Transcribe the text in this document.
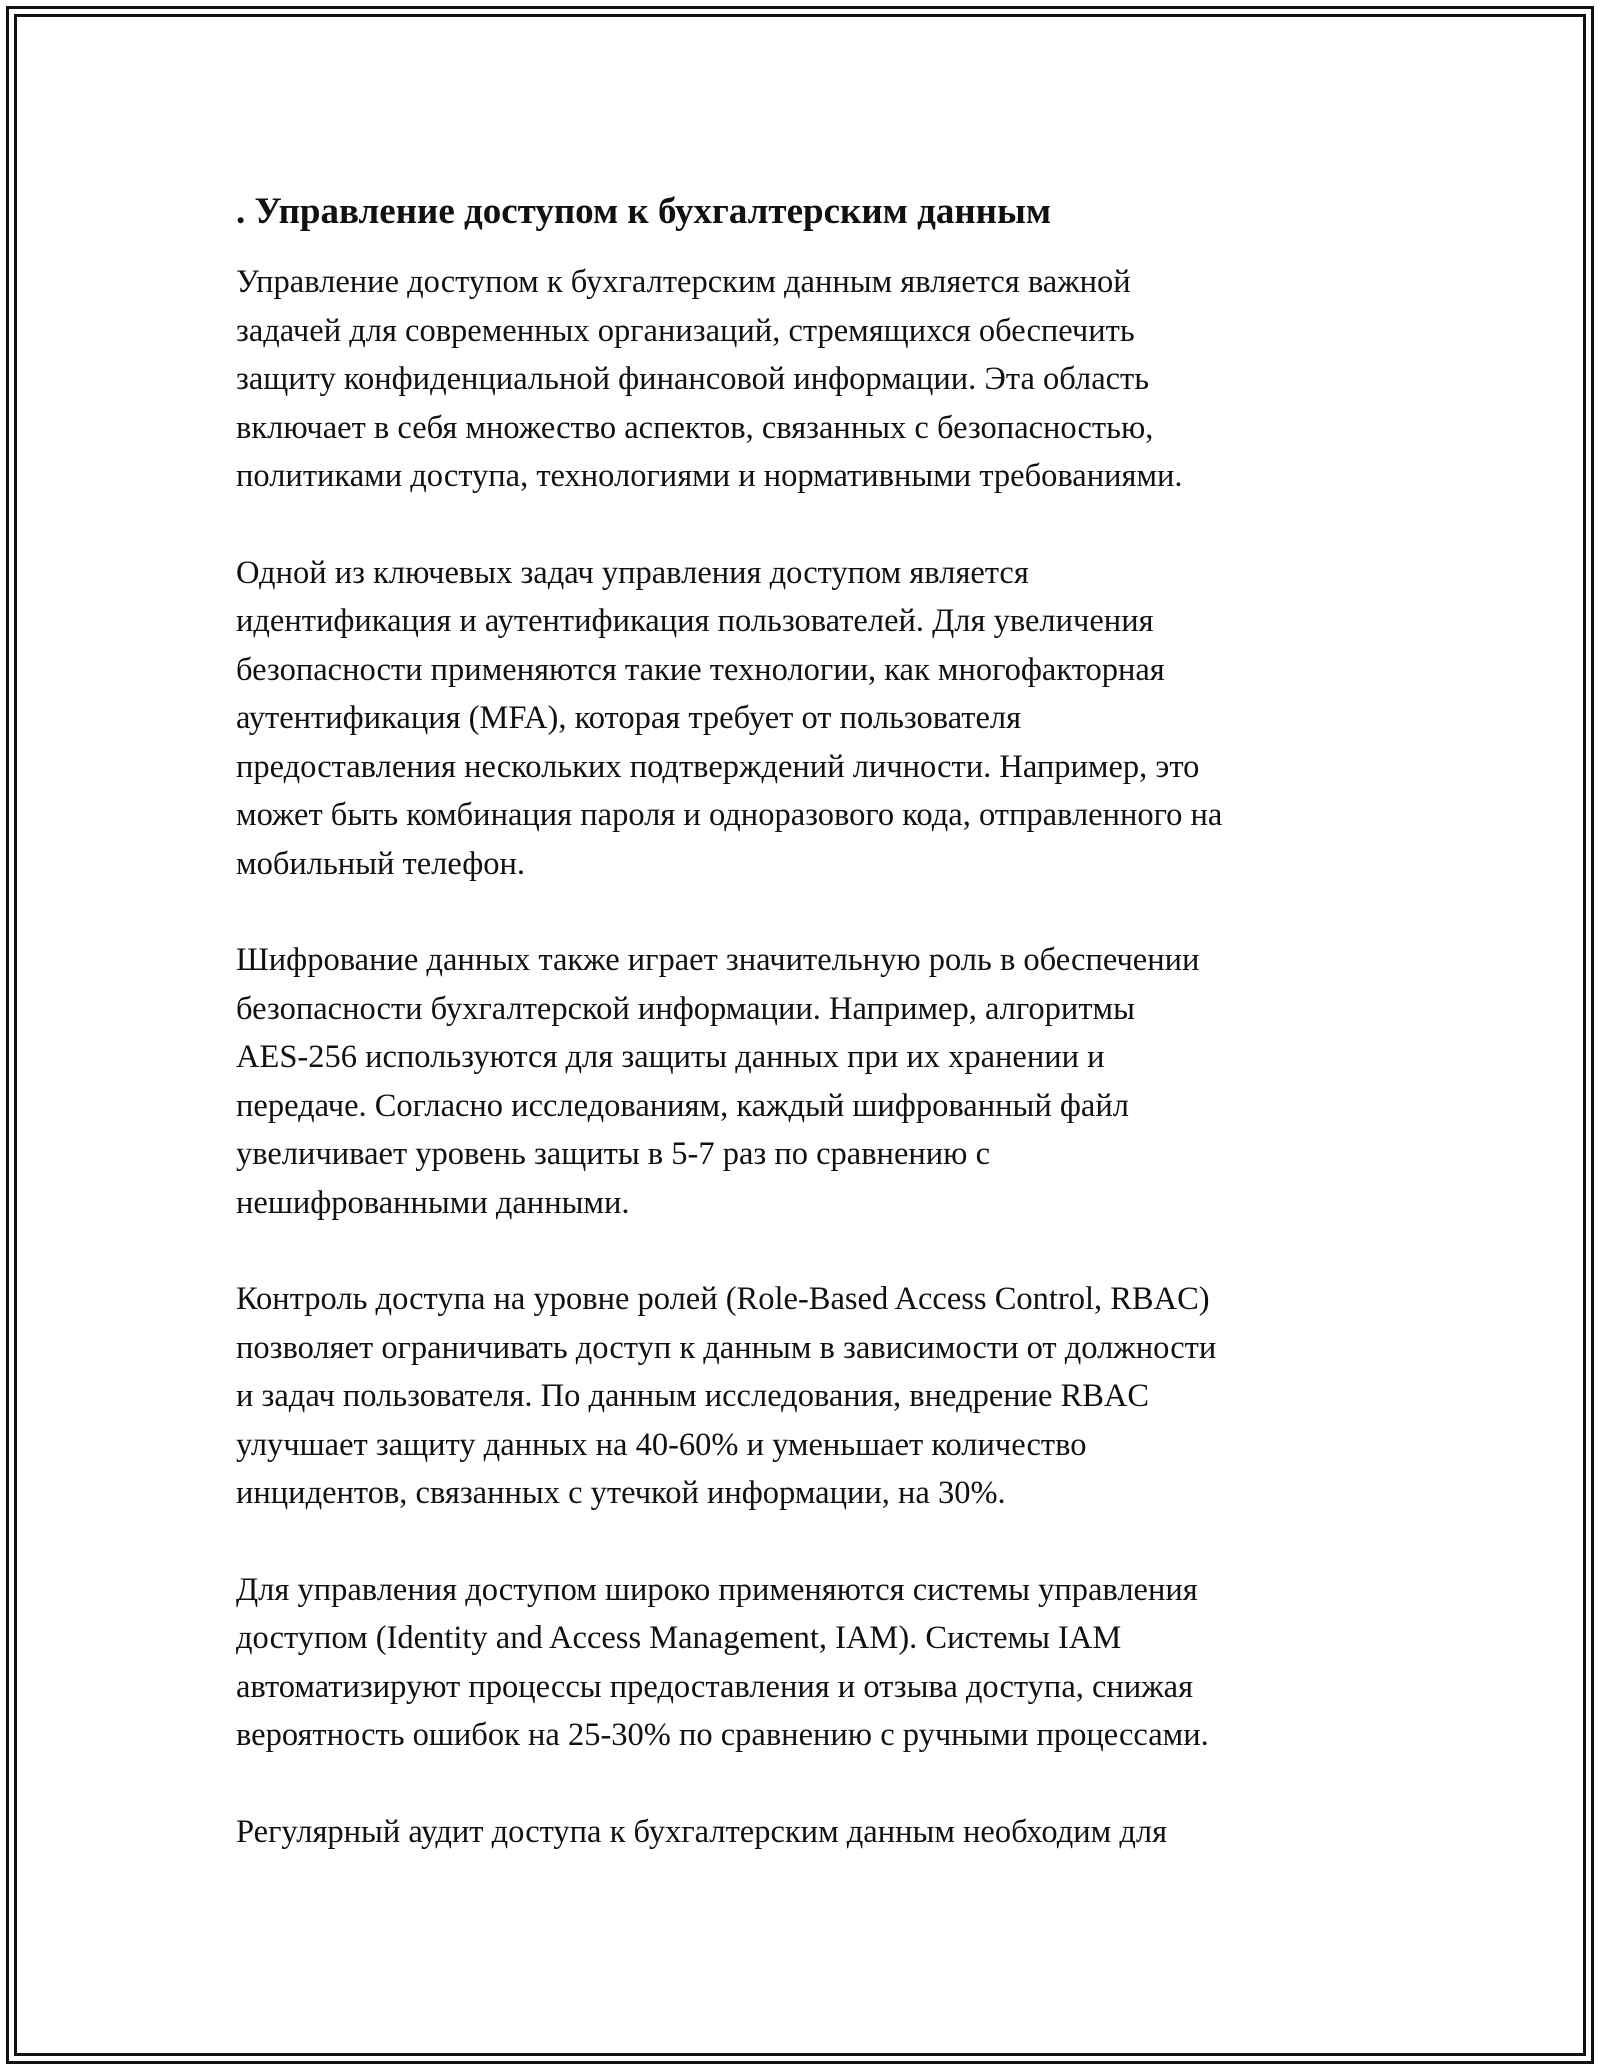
. Управление доступом к бухгалтерским данным

Управление доступом к бухгалтерским данным является важной
задачей для современных организаций, стремящихся обеспечить
защиту конфиденциальной финансовой информации. Эта область
включает в себя множество аспектов, связанных с безопасностью,
политиками доступа, технологиями и нормативными требованиями.

Одной из ключевых задач управления доступом является
идентификация и аутентификация пользователей. Для увеличения
безопасности применяются такие технологии, как многофакторная
аутентификация (MFA), которая требует от пользователя
предоставления нескольких подтверждений личности. Например, это
может быть комбинация пароля и одноразового кода, отправленного на
мобильный телефон.

Шифрование данных также играет значительную роль в обеспечении
безопасности бухгалтерской информации. Например, алгоритмы
AES-256 используются для защиты данных при их хранении и
передаче. Согласно исследованиям, каждый шифрованный файл
увеличивает уровень защиты в 5-7 раз по сравнению с
нешифрованными данными.

Контроль доступа на уровне ролей (Role-Based Access Control, RBAC)
позволяет ограничивать доступ к данным в зависимости от должности
и задач пользователя. По данным исследования, внедрение RBAC
улучшает защиту данных на 40-60% и уменьшает количество
инцидентов, связанных с утечкой информации, на 30%.

Для управления доступом широко применяются системы управления
доступом (Identity and Access Management, IAM). Системы IAM
автоматизируют процессы предоставления и отзыва доступа, снижая
вероятность ошибок на 25-30% по сравнению с ручными процессами.

Регулярный аудит доступа к бухгалтерским данным необходим для
